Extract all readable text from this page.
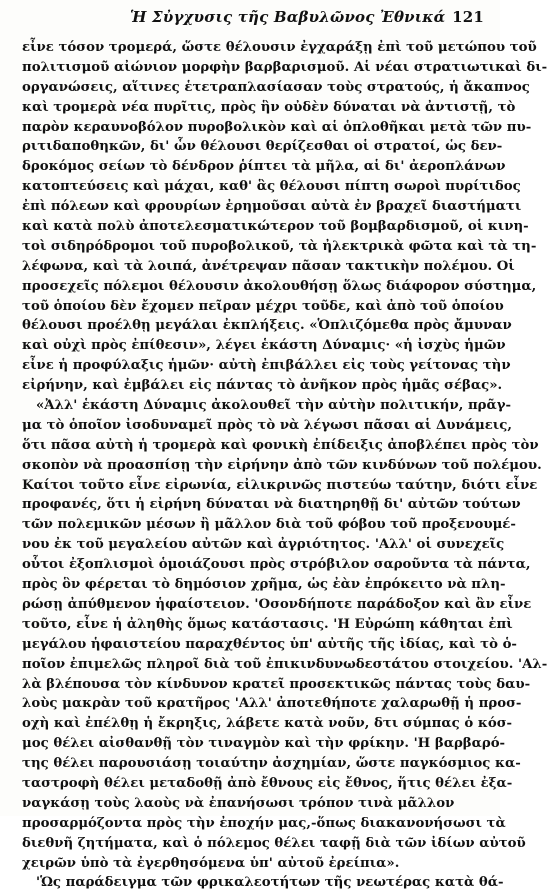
Ἡ Σὐγχυσις τῆς Βαβυλῶνος Ἐθνικά 121
εἶνε τόσον τρομερά, ὥστε θέλουσιν ἐγχαράξῃ ἐπὶ τοῦ μετώπου τοῦ
πολιτισμοῦ αἰώνιον μορφὴν βαρβαρισμοῦ. Αἱ νέαι στρατιωτικαὶ δι-
οργανώσεις, αἵτινες ἑτετραπλασίασαν τοὺς στρατούς, ἡ ἄκαπνος
καὶ τρομερὰ νέα πυρῖτις, πρὸς ἣν οὐδὲν δύναται νὰ ἀντιστῇ, τὸ
παρὸν κεραυνοβόλον πυροβολικὸν καὶ αἱ ὁπλοθῆκαι μετὰ τῶν πυ-
ριτιδαποθηκῶν, δι' ὧν θέλουσι θερίζεσθαι οἱ στρατοί, ὡς δεν-
δροκόμος σείων τὸ δένδρον ῥίπτει τὰ μῆλα, αἱ δι' ἀεροπλάνων
κατοπτεύσεις καὶ μάχαι, καθ' ἃς θέλουσι πίπτη σωροὶ πυρίτιδος
ἐπὶ πόλεων καὶ φρουρίων ἐρημοῦσαι αὐτὰ ἐν βραχεῖ διαστήματι
καὶ κατὰ πολὺ ἀποτελεσματικώτερον τοῦ βομβαρδισμοῦ, οἱ κινη-
τοὶ σιδηρόδρομοι τοῦ πυροβολικοῦ, τὰ ἠλεκτρικὰ φῶτα καὶ τὰ τη-
λέφωνα, καὶ τὰ λοιπά, ἀνέτρεψαν πᾶσαν τακτικὴν πολέμου. Οἱ
προσεχεῖς πόλεμοι θέλουσιν ἀκολουθήσῃ ὅλως διάφορον σύστημα,
τοῦ ὁποίου δὲν ἔχομεν πεῖραν μέχρι τοῦδε, καὶ ἀπὸ τοῦ ὁποίου
θέλουσι προέλθῃ μεγάλαι ἐκπλήξεις. «Ὁπλιζόμεθα πρὸς ἄμυναν
καὶ οὐχὶ πρὸς ἐπίθεσιν», λέγει ἑκάστη Δύναμις· «ἡ ἰσχὺς ἡμῶν
εἶνε ἡ προφύλαξις ἡμῶν· αὐτὴ ἐπιβάλλει εἰς τοὺς γείτονας τὴν
εἰρήνην, καὶ ἐμβάλει εἰς πάντας τὸ ἀνῆκον πρὸς ἡμᾶς σέβας».
«Ἀλλ' ἑκάστη Δύναμις ἀκολουθεῖ τὴν αὐτὴν πολιτικήν, πρᾶγ-
μα τὸ ὁποῖον ἰσοδυναμεῖ πρὸς τὸ νὰ λέγωσι πᾶσαι αἱ Δυνάμεις,
ὅτι πᾶσα αὐτὴ ἡ τρομερὰ καὶ φονικὴ ἐπίδειξις ἀποβλέπει πρὸς τὸν
σκοπὸν νὰ προασπίσῃ τὴν εἰρήνην ἀπὸ τῶν κινδύνων τοῦ πολέμου.
Καίτοι τοῦτο εἶνε εἰρωνία, εἰλικρινῶς πιστεύω ταύτην, διότι εἶνε
προφανές, ὅτι ἡ εἰρήνη δύναται νὰ διατηρηθῇ δι' αὐτῶν τούτων
τῶν πολεμικῶν μέσων ἢ μᾶλλον διὰ τοῦ φόβου τοῦ προξενουμέ-
νου ἐκ τοῦ μεγαλείου αὐτῶν καὶ ἀγριότητος. 'Αλλ' οἱ συνεχεῖς
οὗτοι ἐξοπλισμοὶ ὁμοιάζουσι πρὸς στρόβιλον σαροῦντα τὰ πάντα,
πρὸς ὃν φέρεται τὸ δημόσιον χρῆμα, ὡς ἐὰν ἐπρόκειτο νὰ πλη-
ρώσῃ ἀπύθμενον ἡφαίστειον. 'Οσονδήποτε παράδοξον καὶ ἂν εἶνε
τοῦτο, εἶνε ἡ ἀληθὴς ὅμως κατάστασις. 'Η Εὐρώπη κάθηται ἐπὶ
μεγάλου ἡφαιστείου παραχθέντος ὑπ' αὐτῆς τῆς ἰδίας, καὶ τὸ ὁ-
ποῖον ἐπιμελῶς πληροῖ διὰ τοῦ ἐπικινδυνωδεστάτου στοιχείου. 'Αλ-
λὰ βλέπουσα τὸν κίνδυνον κρατεῖ προσεκτικῶς πάντας τοὺς δαυ-
λοὺς μακρὰν τοῦ κρατῆρος 'Αλλ' ἀποτεθήποτε χαλαρωθῇ ἡ προσ-
οχὴ καὶ ἐπέλθῃ ἡ ἔκρηξις, λάβετε κατὰ νοῦν, δτι σύμπας ὁ κόσ-
μος θέλει αἰσθανθῇ τὸν τιναγμὸν καὶ τὴν φρίκην. 'Η βαρβαρό-
της θέλει παρουσιάσῃ τοιαύτην ἀσχημίαν, ὥστε παγκόσμιος κα-
ταστροφὴ θέλει μεταδοθῇ ἀπὸ ἔθνους εἰς ἔθνος, ἥτις θέλει ἐξα-
ναγκάσῃ τοὺς λαοὺς νὰ ἐπανήσωσι τρόπον τινὰ μᾶλλον
προσαρμόζοντα πρὸς τὴν ἐποχήν μας,-ὅπως διακανονήσωσι τὰ
διεθνῆ ζητήματα, καὶ ὁ πόλεμος θέλει ταφῇ διὰ τῶν ἰδίων αὐτοῦ
χειρῶν ὑπὸ τὰ ἐγερθησόμενα ὑπ' αὐτοῦ ἐρείπια».
'Ὡς παράδειγμα τῶν φρικαλεοτήτων τῆς νεωτέρας κατὰ θά-
